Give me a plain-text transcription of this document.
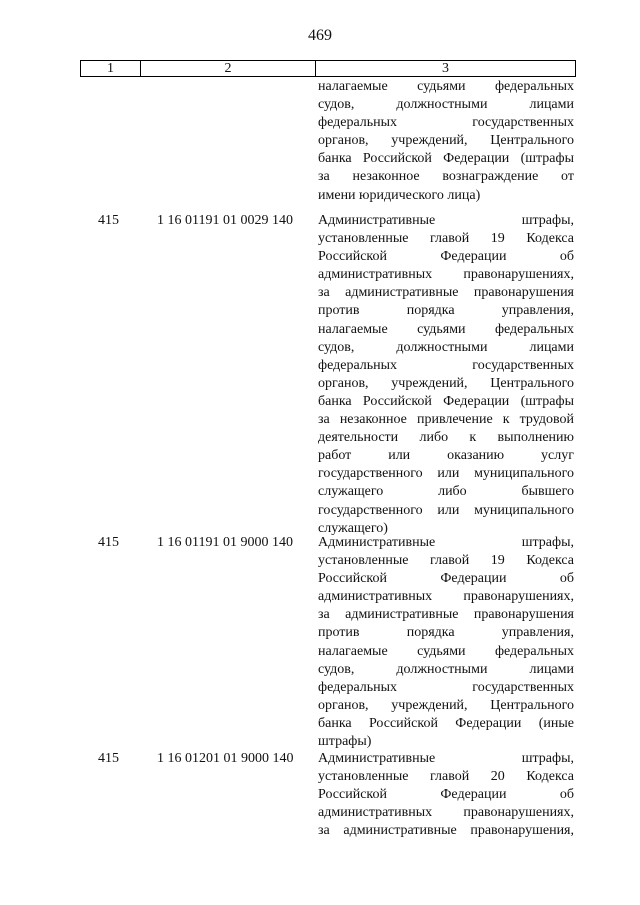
469
1	2	3
налагаемые судьями федеральных
судов, должностными лицами
федеральных государственных
органов, учреждений, Центрального
банка Российской Федерации (штрафы
за незаконное вознаграждение от
имени юридического лица)
415	1 16 01191 01 0029 140 Административные штрафы,
установленные главой 19 Кодекса
Российской Федерации об
административных правонарушениях,
за административные правонарушения
против порядка управления,
налагаемые судьями федеральных
судов, должностными лицами
федеральных государственных
органов, учреждений, Центрального
банка Российской Федерации (штрафы
за незаконное привлечение к трудовой
деятельности либо к выполнению
работ или оказанию услуг
государственного или муниципального
служащего либо бывшего
государственного или муниципального
служащего)
415	1 16 01191 01 9000 140 Административные штрафы,
установленные главой 19 Кодекса
Российской Федерации об
административных правонарушениях,
за административные правонарушения
против порядка управления,
налагаемые судьями федеральных
судов, должностными лицами
федеральных государственных
органов, учреждений, Центрального
банка Российской Федерации (иные
штрафы)
415	1 16 01201 01 9000 140 Административные штрафы,
установленные главой 20 Кодекса
Российской Федерации об
административных правонарушениях,
за административные правонарушения,
